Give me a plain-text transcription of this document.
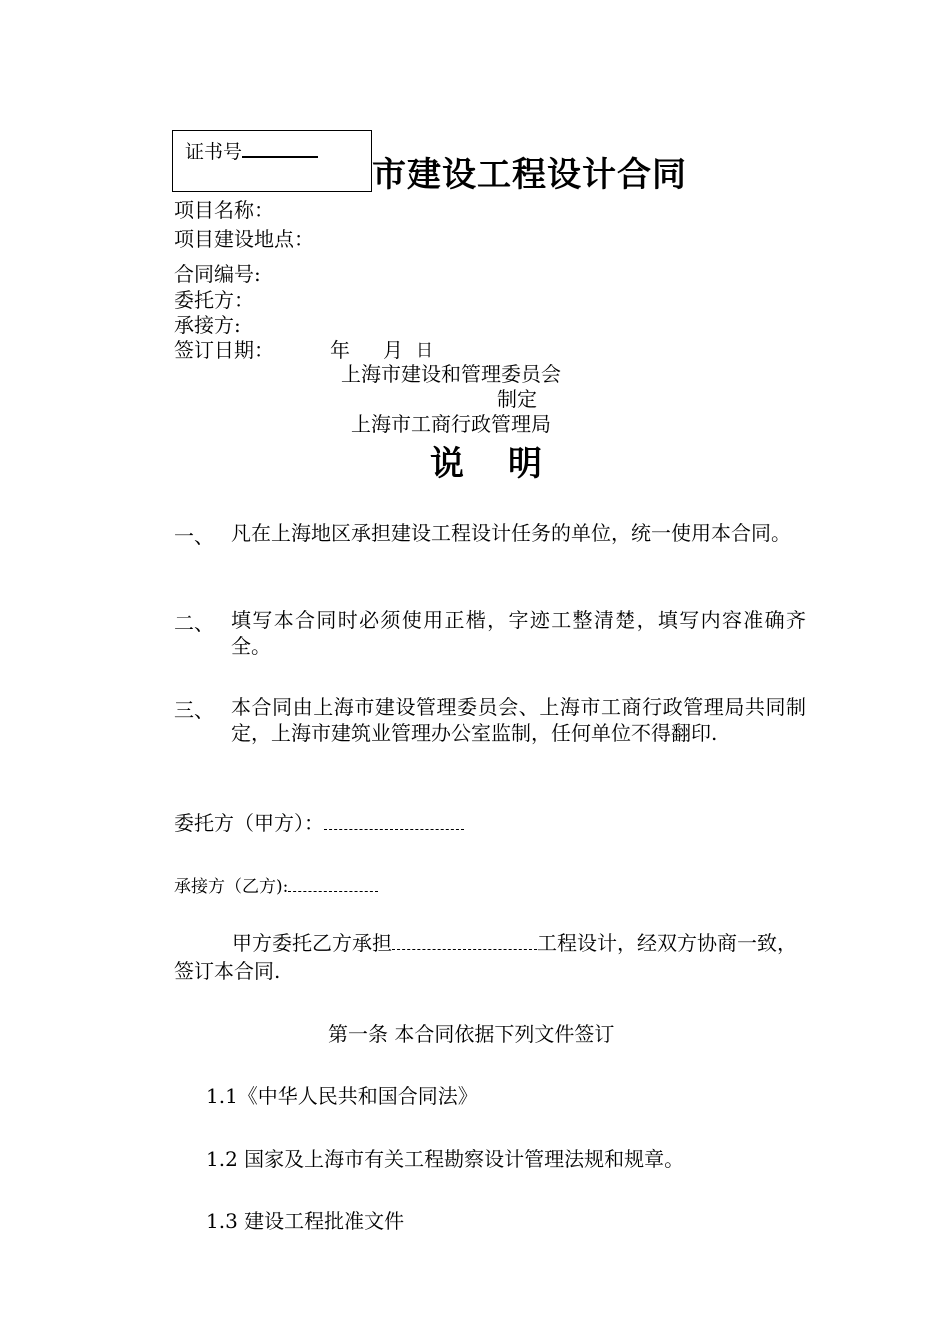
证书号
市建设工程设计合同
项目名称：
项目建设地点：
合同编号:
委托方：
承接方:
签订日期：	年 月 日
上海市建设和管理委员会
制定
上海市工商行政管理局
说明
一、 凡在上海地区承担建设工程设计任务的单位，统一使用本合同。
二、 填写本合同时必须使用正楷，字迹工整清楚，填写内容准确齐全。
三、 本合同由上海市建设管理委员会、上海市工商行政管理局共同制定，上海市建筑业管理办公室监制，任何单位不得翻印.
委托方（甲方）：
承接方（乙方):
甲方委托乙方承担	工程设计，经双方协商一致，签订本合同.
第一条 本合同依据下列文件签订
1.1《中华人民共和国合同法》
1.2 国家及上海市有关工程勘察设计管理法规和规章。
1.3 建设工程批准文件
